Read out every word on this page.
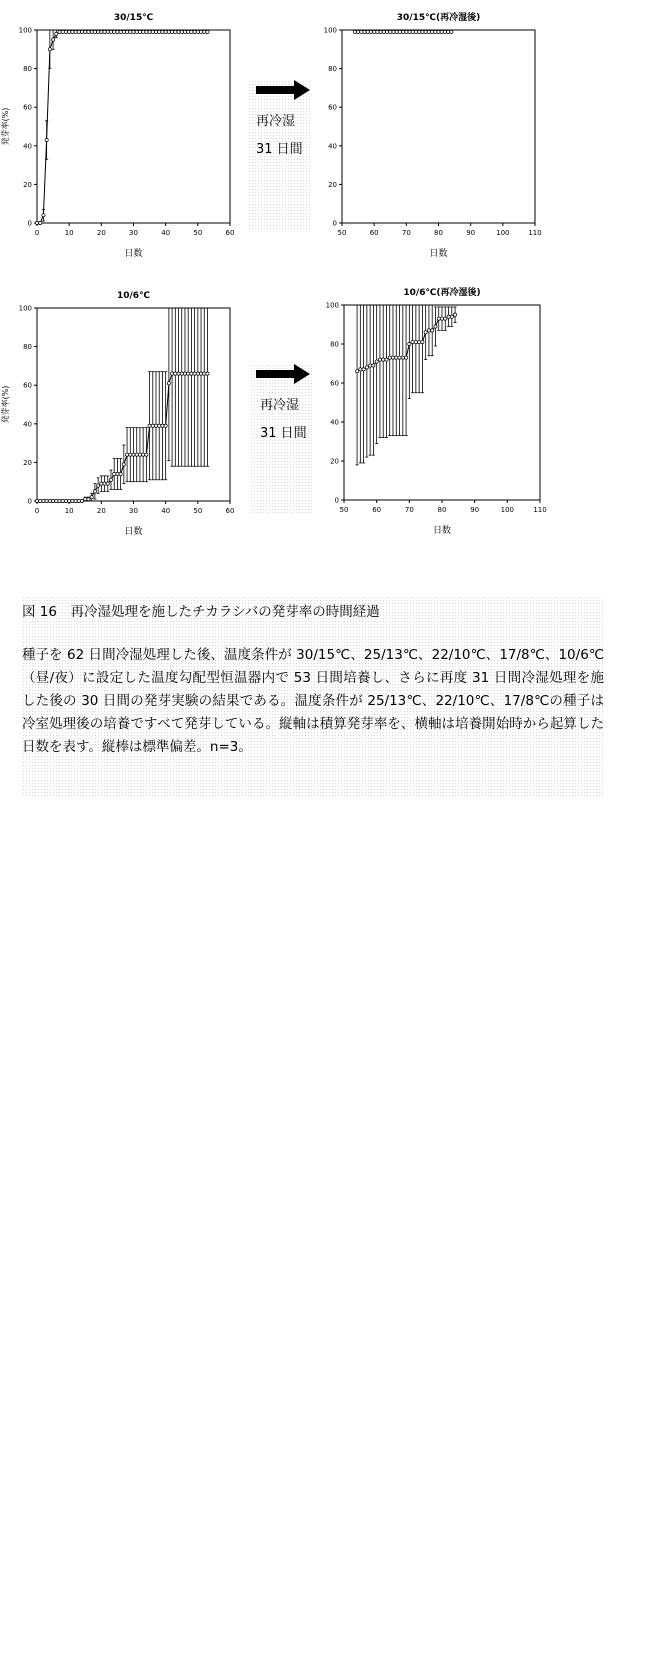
30/15℃
0	10	20	30	40	50	60
0
20
40
60
80
100
日数
発芽率(%)	再冷湿
31 日間
30/15℃(再冷湿後)
50	60	70	80	90	100	110
0
20
40
60
80
100
日数
10/6℃
0	10	20	30	40	50	60
0
20
40
60
80
100
日数
発芽率(%)	再冷湿
31 日間
10/6℃(再冷湿後)
50	60	70	80	90	100	110
0
20
40
60
80
100
日数
図 16　再冷湿処理を施したチカラシバの発芽率の時間経過
種子を 62 日間冷湿処理した後、温度条件が 30/15℃、25/13℃、22/10℃、17/8℃、10/6℃（昼/夜）に設定した温度勾配型恒温器内で 53 日間培養し、さらに再度 31 日間冷湿処理を施した後の 30 日間の発芽実験の結果である。温度条件が 25/13℃、22/10℃、17/8℃の種子は冷室処理後の培養ですべて発芽している。縦軸は積算発芽率を、横軸は培養開始時から起算した日数を表す。縦棒は標準偏差。n=3。
